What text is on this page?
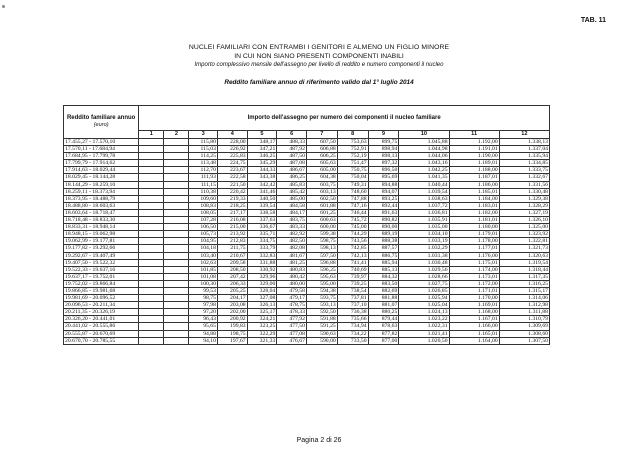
TAB. 11
NUCLEI FAMILIARI CON ENTRAMBI I GENITORI E ALMENO UN FIGLIO MINORE
IN CUI NON SIANO PRESENTI COMPONENTI INABILI
Importo complessivo mensile dell'assegno per livello di reddito e numero componenti il nucleo
Reddito familiare annuo di riferimento valido dal 1° luglio 2014
Reddito familiare annuo
(euro)	Importo dell'assegno per numero dei componenti il nucleo familiare											
	1	2	3	4	5	6	7	8	9	10	11	12
17.455,27 - 17.570,10			115,80	228,00	348,17	488,33	607,50	753,63	899,75	1.045,88	1.192,00	1.338,13
17.570,11 - 17.684,94			115,03	226,92	347,21	487,92	606,88	752,91	898,94	1.044,98	1.191,01	1.337,04
17.684,95 - 17.799,78			114,25	225,83	346,25	487,50	606,25	752,19	898,13	1.044,06	1.190,00	1.335,94
17.799,79 - 17.914,62			113,48	224,75	345,29	487,08	605,63	751,47	897,32	1.043,16	1.189,01	1.334,85
17.914,63 - 18.029,44			112,70	223,67	344,33	486,67	605,00	750,75	896,50	1.042,25	1.188,00	1.333,75
18.029,45 - 18.144,28			111,93	222,58	343,38	486,25	604,38	750,04	895,69	1.041,35	1.187,01	1.332,67
18.144,29 - 18.259,10			111,15	221,50	342,42	485,83	603,75	749,31	894,88	1.040,44	1.186,00	1.331,56
18.259,11 - 18.373,94			110,38	220,42	341,46	485,42	603,13	748,60	894,07	1.039,54	1.185,01	1.330,48
18.373,95 - 18.488,79			109,60	219,33	340,50	485,00	602,50	747,88	893,25	1.038,63	1.184,00	1.329,38
18.488,80 - 18.603,63			108,83	218,25	339,54	484,58	601,88	747,16	892,44	1.037,72	1.183,01	1.328,29
18.603,64 - 18.718,47			108,05	217,17	338,58	484,17	601,25	746,44	891,63	1.036,81	1.182,00	1.327,19
18.718,48 - 18.833,30			107,28	216,08	337,63	483,75	600,63	745,72	890,82	1.035,91	1.181,01	1.326,10
18.833,31 - 18.948,14			106,50	215,00	336,67	483,33	600,00	745,00	890,00	1.035,00	1.180,00	1.325,00
18.948,15 - 19.062,98			105,73	213,92	335,71	482,92	599,38	744,29	889,19	1.034,10	1.179,01	1.323,92
19.062,99 - 19.177,81			104,95	212,83	334,75	482,50	598,75	743,56	888,38	1.033,19	1.178,00	1.322,81
19.177,82 - 19.292,66			104,18	211,75	333,79	482,08	598,13	742,85	887,57	1.032,29	1.177,01	1.321,73
19.292,67 - 19.407,49			103,40	210,67	332,83	481,67	597,50	742,13	886,75	1.031,38	1.176,00	1.320,63
19.407,50 - 19.522,32			102,63	209,58	331,88	481,25	596,88	741,41	885,94	1.030,48	1.175,01	1.319,54
19.522,33 - 19.637,16			101,85	208,50	330,92	480,83	596,25	740,69	885,13	1.029,56	1.174,00	1.318,44
19.637,17 - 19.752,01			101,08	207,42	329,96	480,42	595,63	739,97	884,32	1.028,66	1.173,01	1.317,35
19.752,02 - 19.866,84			100,30	206,33	329,00	480,00	595,00	739,25	883,50	1.027,75	1.172,00	1.316,25
19.866,85 - 19.981,68			99,53	205,25	328,04	479,58	594,38	738,54	882,69	1.026,85	1.171,01	1.315,17
19.981,69 - 20.096,52			98,75	204,17	327,08	479,17	593,75	737,81	881,88	1.025,94	1.170,00	1.314,06
20.096,53 - 20.211,34			97,98	203,08	326,13	478,75	593,13	737,10	881,07	1.025,04	1.169,01	1.312,98
20.211,35 - 20.326,19			97,20	202,00	325,17	478,33	592,50	736,38	880,25	1.024,13	1.168,00	1.311,88
20.326,20 - 20.441,01			96,43	200,92	324,21	477,92	591,88	735,66	879,44	1.023,22	1.167,01	1.310,79
20.441,02 - 20.555,86			95,65	199,83	323,25	477,50	591,25	734,94	878,63	1.022,31	1.166,00	1.309,69
20.555,87 - 20.670,69			94,88	198,75	322,29	477,08	590,63	734,22	877,82	1.021,41	1.165,01	1.308,60
20.670,70 - 20.785,55			94,10	197,67	321,33	476,67	590,00	733,50	877,00	1.020,50	1.164,00	1.307,50
Pagina 2 di 26
